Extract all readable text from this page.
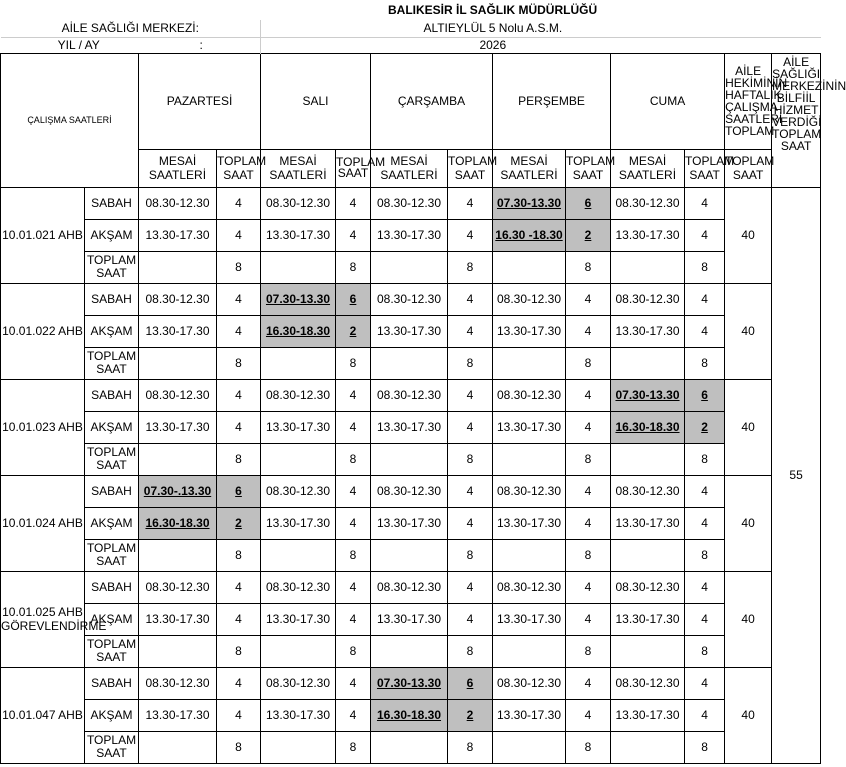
				BALIKESİR İL SAĞLIK MÜDÜRLÜĞÜ									
AİLE SAĞLIĞI MERKEZİ:				ALTIEYLÜL 5 Nolu A.S.M.									
YIL / AY :				2026									
ÇALIŞMA SAATLERİ		PAZARTESİ		SALI		ÇARŞAMBA		PERŞEMBE		CUMA		AİLE HEKİMİNİN HAFTALIK ÇALIŞMA SAATLERİ TOPLAM	AİLE SAĞLIĞI MERKEZİNİN BİLFİİL HİZMET VERDİĞİ TOPLAM SAAT
		MESAİ SAATLERİ	TOPLAM SAAT	MESAİ SAATLERİ	TOPLAM SAAT	MESAİ SAATLERİ	TOPLAM SAAT	MESAİ SAATLERİ	TOPLAM SAAT	MESAİ SAATLERİ	TOPLAM SAAT	TOPLAM SAAT	
10.01.021 AHB	SABAH	08.30-12.30	4	08.30-12.30	4	08.30-12.30	4	07.30-13.30	6	08.30-12.30	4	40	55
	AKŞAM	13.30-17.30	4	13.30-17.30	4	13.30-17.30	4	16.30 -18.30	2	13.30-17.30	4		
	TOPLAM SAAT		8		8		8		8		8		
10.01.022 AHB	SABAH	08.30-12.30	4	07.30-13.30	6	08.30-12.30	4	08.30-12.30	4	08.30-12.30	4	40	
	AKŞAM	13.30-17.30	4	16.30-18.30	2	13.30-17.30	4	13.30-17.30	4	13.30-17.30	4		
	TOPLAM SAAT		8		8		8		8		8		
10.01.023 AHB	SABAH	08.30-12.30	4	08.30-12.30	4	08.30-12.30	4	08.30-12.30	4	07.30-13.30	6	40	
	AKŞAM	13.30-17.30	4	13.30-17.30	4	13.30-17.30	4	13.30-17.30	4	16.30-18.30	2		
	TOPLAM SAAT		8		8		8		8		8		
10.01.024 AHB	SABAH	07.30-.13.30	6	08.30-12.30	4	08.30-12.30	4	08.30-12.30	4	08.30-12.30	4	40	
	AKŞAM	16.30-18.30	2	13.30-17.30	4	13.30-17.30	4	13.30-17.30	4	13.30-17.30	4		
	TOPLAM SAAT		8		8		8		8		8		
10.01.025 AHB GÖREVLENDİRME	SABAH	08.30-12.30	4	08.30-12.30	4	08.30-12.30	4	08.30-12.30	4	08.30-12.30	4	40	
	AKŞAM	13.30-17.30	4	13.30-17.30	4	13.30-17.30	4	13.30-17.30	4	13.30-17.30	4		
	TOPLAM SAAT		8		8		8		8		8		
10.01.047 AHB	SABAH	08.30-12.30	4	08.30-12.30	4	07.30-13.30	6	08.30-12.30	4	08.30-12.30	4	40	
	AKŞAM	13.30-17.30	4	13.30-17.30	4	16.30-18.30	2	13.30-17.30	4	13.30-17.30	4		
	TOPLAM SAAT		8		8		8		8		8		
